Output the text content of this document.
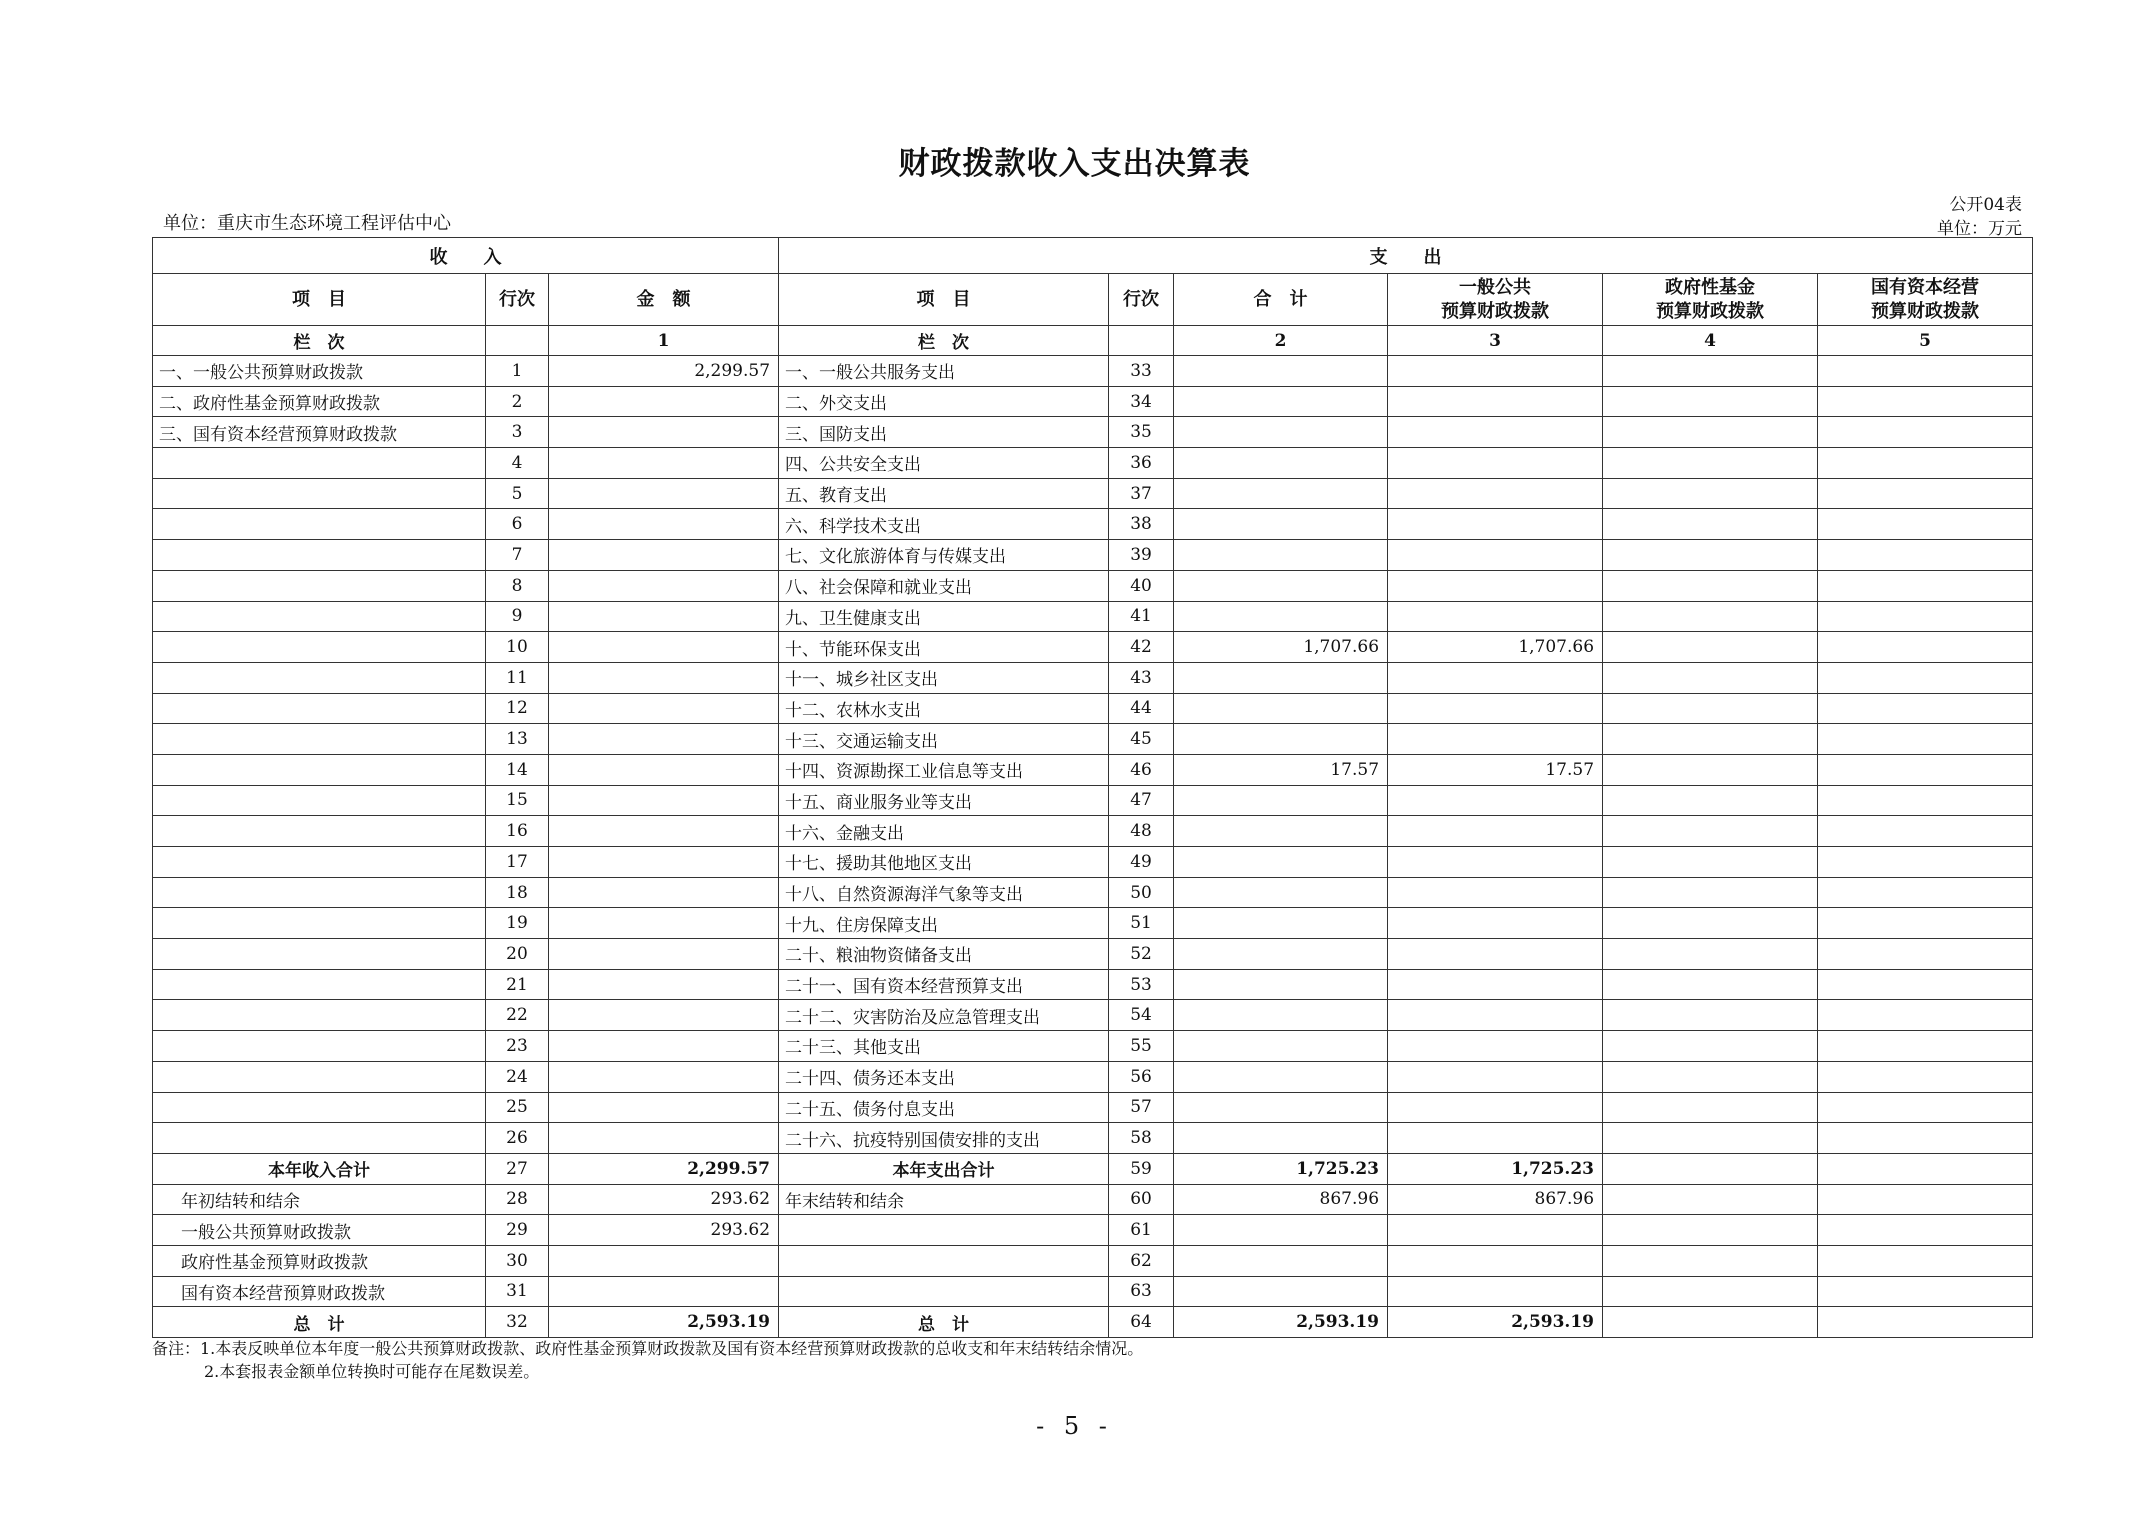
财政拨款收入支出决算表
单位：重庆市生态环境工程评估中心
公开04表
单位：万元
收　　入			支　　出					
项　目	行次	金　额	项　目	行次	合　计	一般公共
预算财政拨款	政府性基金
预算财政拨款	国有资本经营
预算财政拨款
栏　次		1	栏　次		2	3	4	5
一、一般公共预算财政拨款	1	2,299.57	一、一般公共服务支出	33				
二、政府性基金预算财政拨款	2		二、外交支出	34				
三、国有资本经营预算财政拨款	3		三、国防支出	35				
	4		四、公共安全支出	36				
	5		五、教育支出	37				
	6		六、科学技术支出	38				
	7		七、文化旅游体育与传媒支出	39				
	8		八、社会保障和就业支出	40				
	9		九、卫生健康支出	41				
	10		十、节能环保支出	42	1,707.66	1,707.66		
	11		十一、城乡社区支出	43				
	12		十二、农林水支出	44				
	13		十三、交通运输支出	45				
	14		十四、资源勘探工业信息等支出	46	17.57	17.57		
	15		十五、商业服务业等支出	47				
	16		十六、金融支出	48				
	17		十七、援助其他地区支出	49				
	18		十八、自然资源海洋气象等支出	50				
	19		十九、住房保障支出	51				
	20		二十、粮油物资储备支出	52				
	21		二十一、国有资本经营预算支出	53				
	22		二十二、灾害防治及应急管理支出	54				
	23		二十三、其他支出	55				
	24		二十四、债务还本支出	56				
	25		二十五、债务付息支出	57				
	26		二十六、抗疫特别国债安排的支出	58				
本年收入合计	27	2,299.57	本年支出合计	59	1,725.23	1,725.23		
年初结转和结余	28	293.62	年末结转和结余	60	867.96	867.96		
一般公共预算财政拨款	29	293.62		61				
政府性基金预算财政拨款	30			62				
国有资本经营预算财政拨款	31			63				
总　计	32	2,593.19	总　计	64	2,593.19	2,593.19		
备注：1.本表反映单位本年度一般公共预算财政拨款、政府性基金预算财政拨款及国有资本经营预算财政拨款的总收支和年末结转结余情况。
2.本套报表金额单位转换时可能存在尾数误差。
- 5 -
